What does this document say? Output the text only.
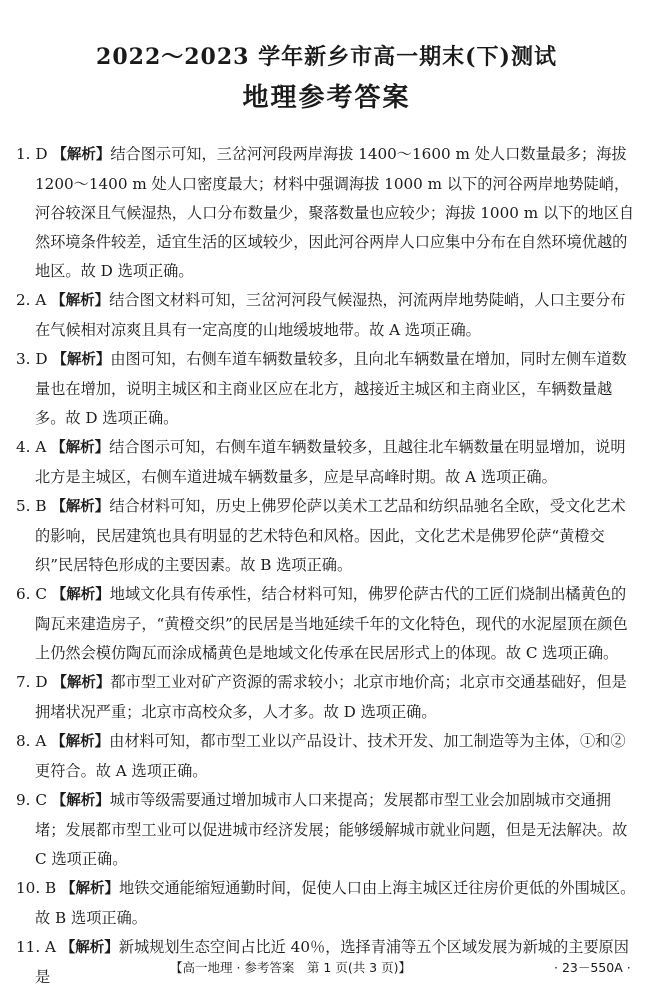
2022～2023 学年新乡市高一期末(下)测试
地理参考答案
1. D 【解析】结合图示可知，三岔河河段两岸海拔 1400～1600 m 处人口数量最多；海拔 1200～1400 m 处人口密度最大；材料中强调海拔 1000 m 以下的河谷两岸地势陡峭，河谷较深且气候湿热，人口分布数量少，聚落数量也应较少；海拔 1000 m 以下的地区自然环境条件较差，适宜生活的区域较少，因此河谷两岸人口应集中分布在自然环境优越的地区。故 D 选项正确。
2. A 【解析】结合图文材料可知，三岔河河段气候湿热，河流两岸地势陡峭，人口主要分布在气候相对凉爽且具有一定高度的山地缓坡地带。故 A 选项正确。
3. D 【解析】由图可知，右侧车道车辆数量较多，且向北车辆数量在增加，同时左侧车道数量也在增加，说明主城区和主商业区应在北方，越接近主城区和主商业区，车辆数量越多。故 D 选项正确。
4. A 【解析】结合图示可知，右侧车道车辆数量较多，且越往北车辆数量在明显增加，说明北方是主城区，右侧车道进城车辆数量多，应是早高峰时期。故 A 选项正确。
5. B 【解析】结合材料可知，历史上佛罗伦萨以美术工艺品和纺织品驰名全欧，受文化艺术的影响，民居建筑也具有明显的艺术特色和风格。因此，文化艺术是佛罗伦萨“黄橙交织”民居特色形成的主要因素。故 B 选项正确。
6. C 【解析】地域文化具有传承性，结合材料可知，佛罗伦萨古代的工匠们烧制出橘黄色的陶瓦来建造房子，“黄橙交织”的民居是当地延续千年的文化特色，现代的水泥屋顶在颜色上仍然会模仿陶瓦而涂成橘黄色是地域文化传承在民居形式上的体现。故 C 选项正确。
7. D 【解析】都市型工业对矿产资源的需求较小；北京市地价高；北京市交通基础好，但是拥堵状况严重；北京市高校众多，人才多。故 D 选项正确。
8. A 【解析】由材料可知，都市型工业以产品设计、技术开发、加工制造等为主体，①和②更符合。故 A 选项正确。
9. C 【解析】城市等级需要通过增加城市人口来提高；发展都市型工业会加剧城市交通拥堵；发展都市型工业可以促进城市经济发展；能够缓解城市就业问题，但是无法解决。故 C 选项正确。
10. B 【解析】地铁交通能缩短通勤时间，促使人口由上海主城区迁往房价更低的外围城区。故 B 选项正确。
11. A 【解析】新城规划生态空间占比近 40％，选择青浦等五个区域发展为新城的主要原因是
【高一地理 · 参考答案　第 1 页(共 3 页)】	· 23－550A ·
